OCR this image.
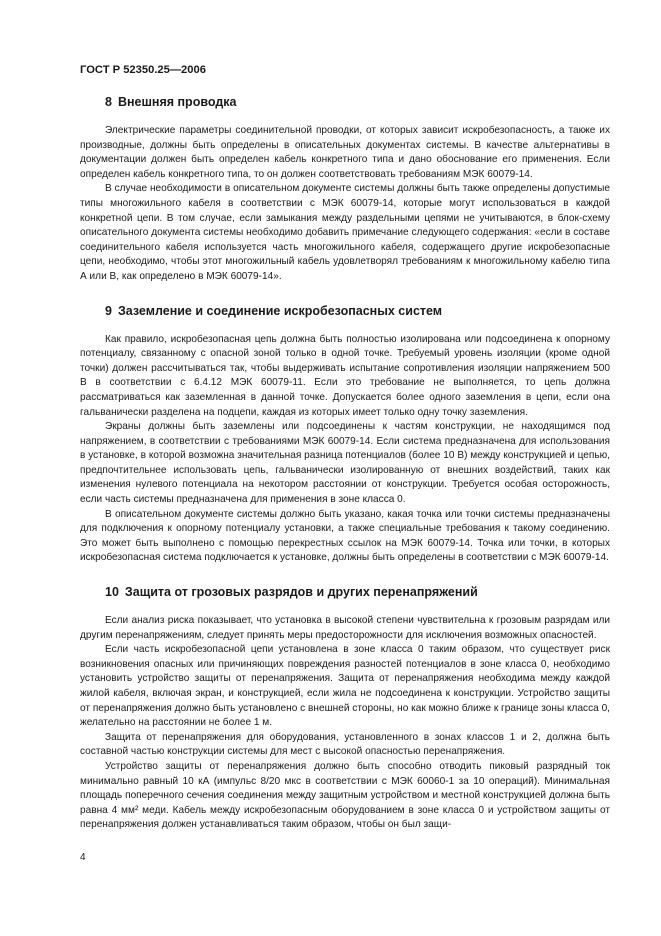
ГОСТ Р 52350.25—2006

8 Внешняя проводка

Электрические параметры соединительной проводки, от которых зависит искробезопасность, а также их производные, должны быть определены в описательных документах системы. В качестве альтернативы в документации должен быть определен кабель конкретного типа и дано обоснование его применения. Если определен кабель конкретного типа, то он должен соответствовать требованиям МЭК 60079-14.

В случае необходимости в описательном документе системы должны быть также определены допустимые типы многожильного кабеля в соответствии с МЭК 60079-14, которые могут использоваться в каждой конкретной цепи. В том случае, если замыкания между раздельными цепями не учитываются, в блок-схему описательного документа системы необходимо добавить примечание следующего содержания: «если в составе соединительного кабеля используется часть многожильного кабеля, содержащего другие искробезопасные цепи, необходимо, чтобы этот многожильный кабель удовлетворял требованиям к многожильному кабелю типа А или В, как определено в МЭК 60079-14».

9 Заземление и соединение искробезопасных систем

Как правило, искробезопасная цепь должна быть полностью изолирована или подсоединена к опорному потенциалу, связанному с опасной зоной только в одной точке. Требуемый уровень изоляции (кроме одной точки) должен рассчитываться так, чтобы выдерживать испытание сопротивления изоляции напряжением 500 В в соответствии с 6.4.12 МЭК 60079-11. Если это требование не выполняется, то цепь должна рассматриваться как заземленная в данной точке. Допускается более одного заземления в цепи, если она гальванически разделена на подцепи, каждая из которых имеет только одну точку заземления.

Экраны должны быть заземлены или подсоединены к частям конструкции, не находящимся под напряжением, в соответствии с требованиями МЭК 60079-14. Если система предназначена для использования в установке, в которой возможна значительная разница потенциалов (более 10 В) между конструкцией и цепью, предпочтительнее использовать цепь, гальванически изолированную от внешних воздействий, таких как изменения нулевого потенциала на некотором расстоянии от конструкции. Требуется особая осторожность, если часть системы предназначена для применения в зоне класса 0.

В описательном документе системы должно быть указано, какая точка или точки системы предназначены для подключения к опорному потенциалу установки, а также специальные требования к такому соединению. Это может быть выполнено с помощью перекрестных ссылок на МЭК 60079-14. Точка или точки, в которых искробезопасная система подключается к установке, должны быть определены в соответствии с МЭК 60079-14.

10 Защита от грозовых разрядов и других перенапряжений

Если анализ риска показывает, что установка в высокой степени чувствительна к грозовым разрядам или другим перенапряжениям, следует принять меры предосторожности для исключения возможных опасностей.

Если часть искробезопасной цепи установлена в зоне класса 0 таким образом, что существует риск возникновения опасных или причиняющих повреждения разностей потенциалов в зоне класса 0, необходимо установить устройство защиты от перенапряжения. Защита от перенапряжения необходима между каждой жилой кабеля, включая экран, и конструкцией, если жила не подсоединена к конструкции. Устройство защиты от перенапряжения должно быть установлено с внешней стороны, но как можно ближе к границе зоны класса 0, желательно на расстоянии не более 1 м.

Защита от перенапряжения для оборудования, установленного в зонах классов 1 и 2, должна быть составной частью конструкции системы для мест с высокой опасностью перенапряжения.

Устройство защиты от перенапряжения должно быть способно отводить пиковый разрядный ток минимально равный 10 кА (импульс 8/20 мкс в соответствии с МЭК 60060-1 за 10 операций). Минимальная площадь поперечного сечения соединения между защитным устройством и местной конструкцией должна быть равна 4 мм² меди. Кабель между искробезопасным оборудованием в зоне класса 0 и устройством защиты от перенапряжения должен устанавливаться таким образом, чтобы он был защи-

4
